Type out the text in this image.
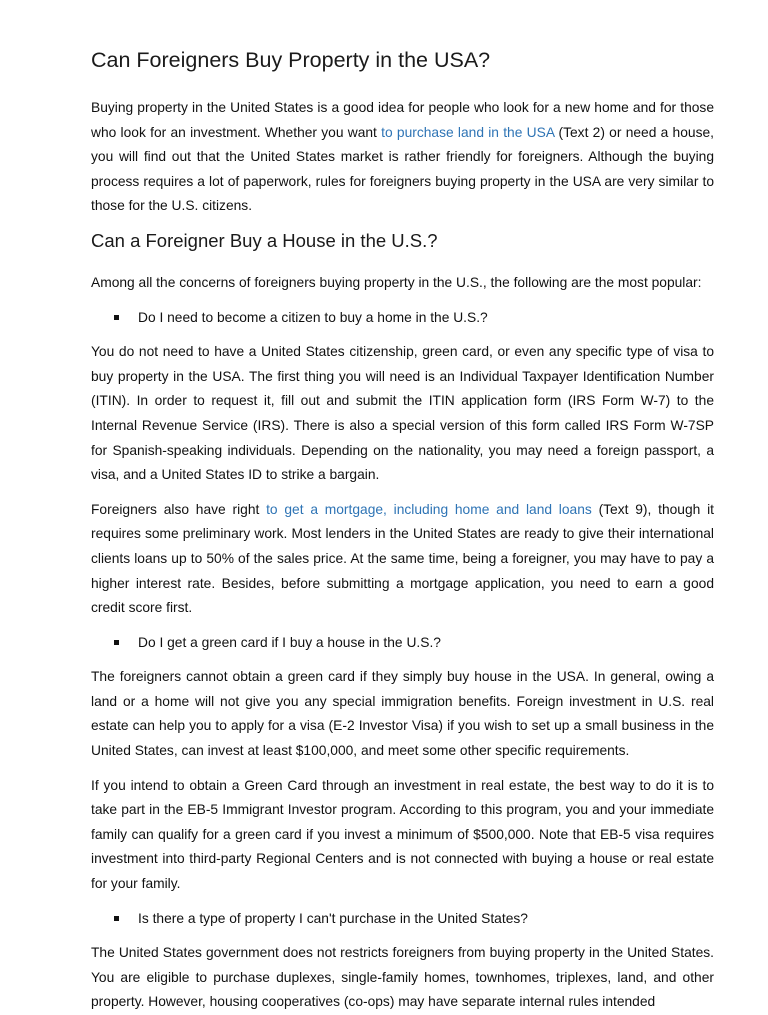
Can Foreigners Buy Property in the USA?

Buying property in the United States is a good idea for people who look for a new home and for those who look for an investment. Whether you want to purchase land in the USA (Text 2) or need a house, you will find out that the United States market is rather friendly for foreigners. Although the buying process requires a lot of paperwork, rules for foreigners buying property in the USA are very similar to those for the U.S. citizens.

Can a Foreigner Buy a House in the U.S.?

Among all the concerns of foreigners buying property in the U.S., the following are the most popular:

Do I need to become a citizen to buy a home in the U.S.?

You do not need to have a United States citizenship, green card, or even any specific type of visa to buy property in the USA. The first thing you will need is an Individual Taxpayer Identification Number (ITIN). In order to request it, fill out and submit the ITIN application form (IRS Form W-7) to the Internal Revenue Service (IRS). There is also a special version of this form called IRS Form W-7SP for Spanish-speaking individuals. Depending on the nationality, you may need a foreign passport, a visa, and a United States ID to strike a bargain.

Foreigners also have right to get a mortgage, including home and land loans (Text 9), though it requires some preliminary work. Most lenders in the United States are ready to give their international clients loans up to 50% of the sales price. At the same time, being a foreigner, you may have to pay a higher interest rate. Besides, before submitting a mortgage application, you need to earn a good credit score first.

Do I get a green card if I buy a house in the U.S.?

The foreigners cannot obtain a green card if they simply buy house in the USA. In general, owing a land or a home will not give you any special immigration benefits. Foreign investment in U.S. real estate can help you to apply for a visa (E-2 Investor Visa) if you wish to set up a small business in the United States, can invest at least $100,000, and meet some other specific requirements.

If you intend to obtain a Green Card through an investment in real estate, the best way to do it is to take part in the EB-5 Immigrant Investor program. According to this program, you and your immediate family can qualify for a green card if you invest a minimum of $500,000. Note that EB-5 visa requires investment into third-party Regional Centers and is not connected with buying a house or real estate for your family.

Is there a type of property I can't purchase in the United States?

The United States government does not restricts foreigners from buying property in the United States. You are eligible to purchase duplexes, single-family homes, townhomes, triplexes, land, and other property. However, housing cooperatives (co-ops) may have separate internal rules intended
